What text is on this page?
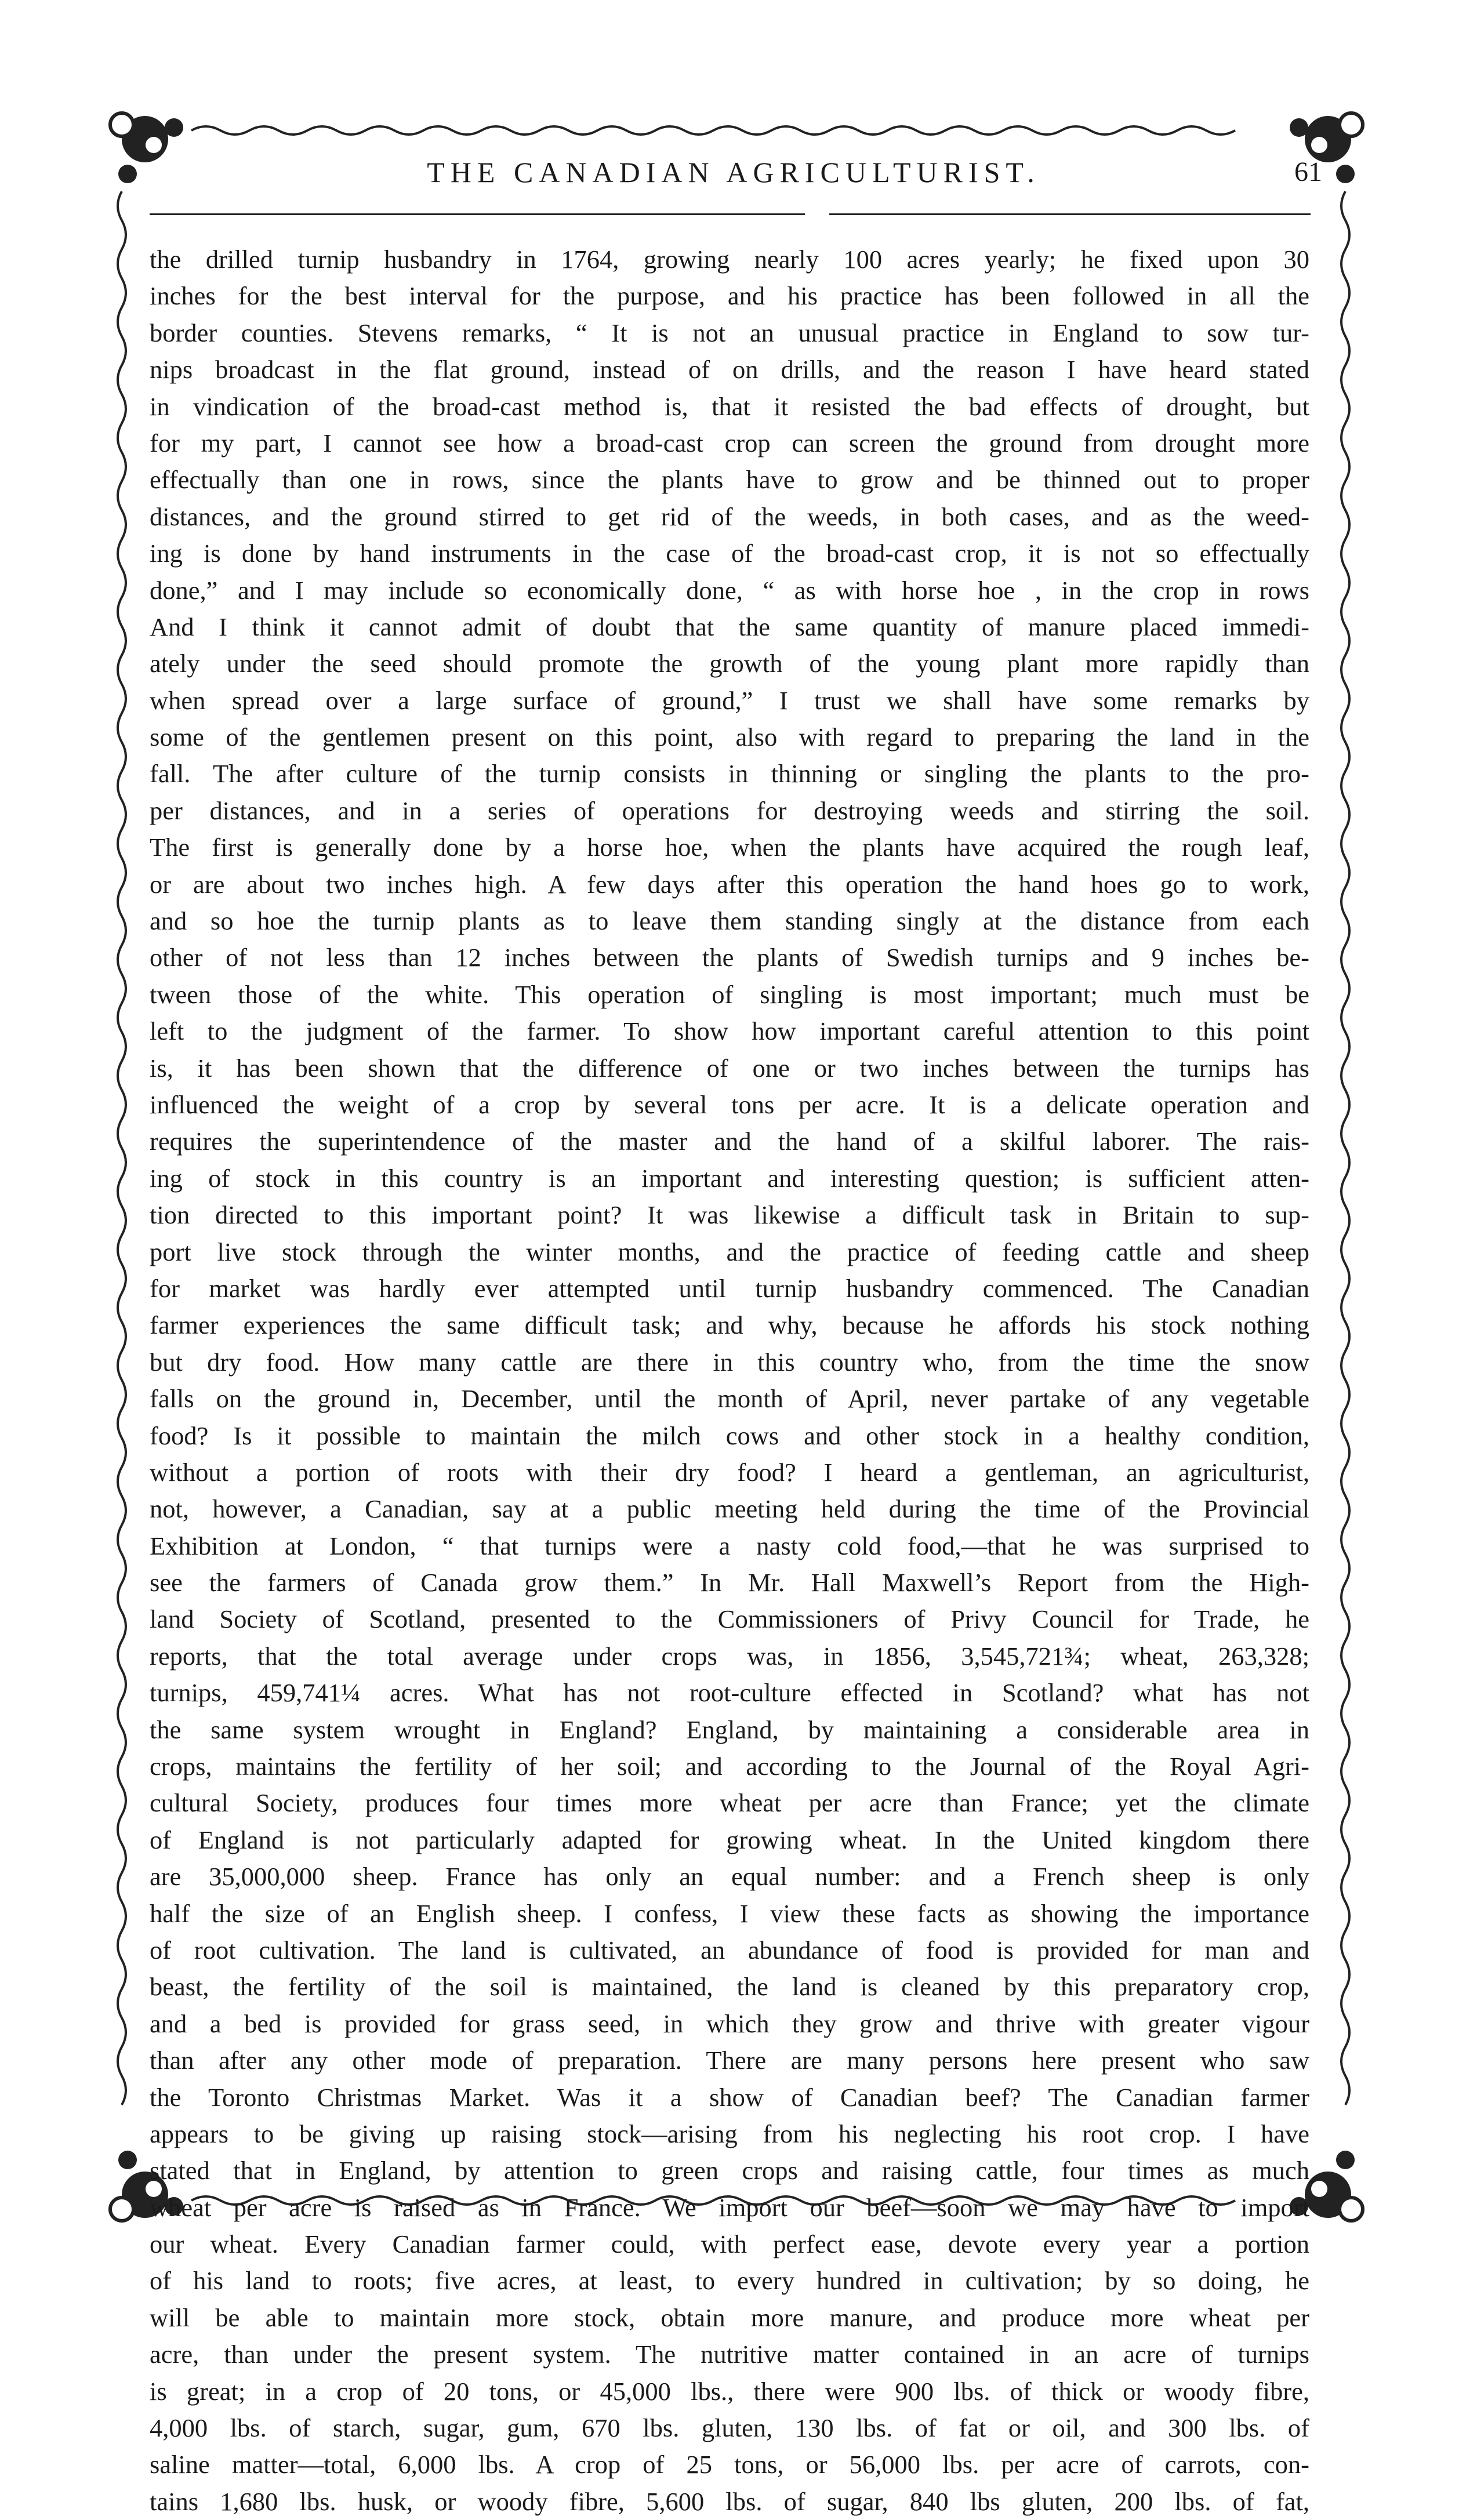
THE CANADIAN AGRICULTURIST.	61
the drilled turnip husbandry in 1764, growing nearly 100 acres yearly; he fixed upon 30
inches for the best interval for the purpose, and his practice has been followed in all the
border counties. Stevens remarks, “ It is not an unusual practice in England to sow tur-
nips broadcast in the flat ground, instead of on drills, and the reason I have heard stated
in vindication of the broad-cast method is, that it resisted the bad effects of drought, but
for my part, I cannot see how a broad-cast crop can screen the ground from drought more
effectually than one in rows, since the plants have to grow and be thinned out to proper
distances, and the ground stirred to get rid of the weeds, in both cases, and as the weed-
ing is done by hand instruments in the case of the broad-cast crop, it is not so effectually
done,” and I may include so economically done, “ as with horse hoe , in the crop in rows
And I think it cannot admit of doubt that the same quantity of manure placed immedi-
ately under the seed should promote the growth of the young plant more rapidly than
when spread over a large surface of ground,” I trust we shall have some remarks by
some of the gentlemen present on this point, also with regard to preparing the land in the
fall. The after culture of the turnip consists in thinning or singling the plants to the pro-
per distances, and in a series of operations for destroying weeds and stirring the soil.
The first is generally done by a horse hoe, when the plants have acquired the rough leaf,
or are about two inches high. A few days after this operation the hand hoes go to work,
and so hoe the turnip plants as to leave them standing singly at the distance from each
other of not less than 12 inches between the plants of Swedish turnips and 9 inches be-
tween those of the white. This operation of singling is most important; much must be
left to the judgment of the farmer. To show how important careful attention to this point
is, it has been shown that the difference of one or two inches between the turnips has
influenced the weight of a crop by several tons per acre. It is a delicate operation and
requires the superintendence of the master and the hand of a skilful laborer. The rais-
ing of stock in this country is an important and interesting question; is sufficient atten-
tion directed to this important point? It was likewise a difficult task in Britain to sup-
port live stock through the winter months, and the practice of feeding cattle and sheep
for market was hardly ever attempted until turnip husbandry commenced. The Canadian
farmer experiences the same difficult task; and why, because he affords his stock nothing
but dry food. How many cattle are there in this country who, from the time the snow
falls on the ground in, December, until the month of April, never partake of any vegetable
food? Is it possible to maintain the milch cows and other stock in a healthy condition,
without a portion of roots with their dry food? I heard a gentleman, an agriculturist,
not, however, a Canadian, say at a public meeting held during the time of the Provincial
Exhibition at London, “ that turnips were a nasty cold food,—that he was surprised to
see the farmers of Canada grow them.” In Mr. Hall Maxwell’s Report from the High-
land Society of Scotland, presented to the Commissioners of Privy Council for Trade, he
reports, that the total average under crops was, in 1856, 3,545,721¾; wheat, 263,328;
turnips, 459,741¼ acres. What has not root-culture effected in Scotland? what has not
the same system wrought in England? England, by maintaining a considerable area in
crops, maintains the fertility of her soil; and according to the Journal of the Royal Agri-
cultural Society, produces four times more wheat per acre than France; yet the climate
of England is not particularly adapted for growing wheat. In the United kingdom there
are 35,000,000 sheep. France has only an equal number: and a French sheep is only
half the size of an English sheep. I confess, I view these facts as showing the importance
of root cultivation. The land is cultivated, an abundance of food is provided for man and
beast, the fertility of the soil is maintained, the land is cleaned by this preparatory crop,
and a bed is provided for grass seed, in which they grow and thrive with greater vigour
than after any other mode of preparation. There are many persons here present who saw
the Toronto Christmas Market. Was it a show of Canadian beef? The Canadian farmer
appears to be giving up raising stock—arising from his neglecting his root crop. I have
stated that in England, by attention to green crops and raising cattle, four times as much
wheat per acre is raised as in France. We import our beef—soon we may have to import
our wheat. Every Canadian farmer could, with perfect ease, devote every year a portion
of his land to roots; five acres, at least, to every hundred in cultivation; by so doing, he
will be able to maintain more stock, obtain more manure, and produce more wheat per
acre, than under the present system. The nutritive matter contained in an acre of turnips
is great; in a crop of 20 tons, or 45,000 lbs., there were 900 lbs. of thick or woody fibre,
4,000 lbs. of starch, sugar, gum, 670 lbs. gluten, 130 lbs. of fat or oil, and 300 lbs. of
saline matter—total, 6,000 lbs. A crop of 25 tons, or 56,000 lbs. per acre of carrots, con-
tains 1,680 lbs. husk, or woody fibre, 5,600 lbs. of sugar, 840 lbs gluten, 200 lbs. of fat,
